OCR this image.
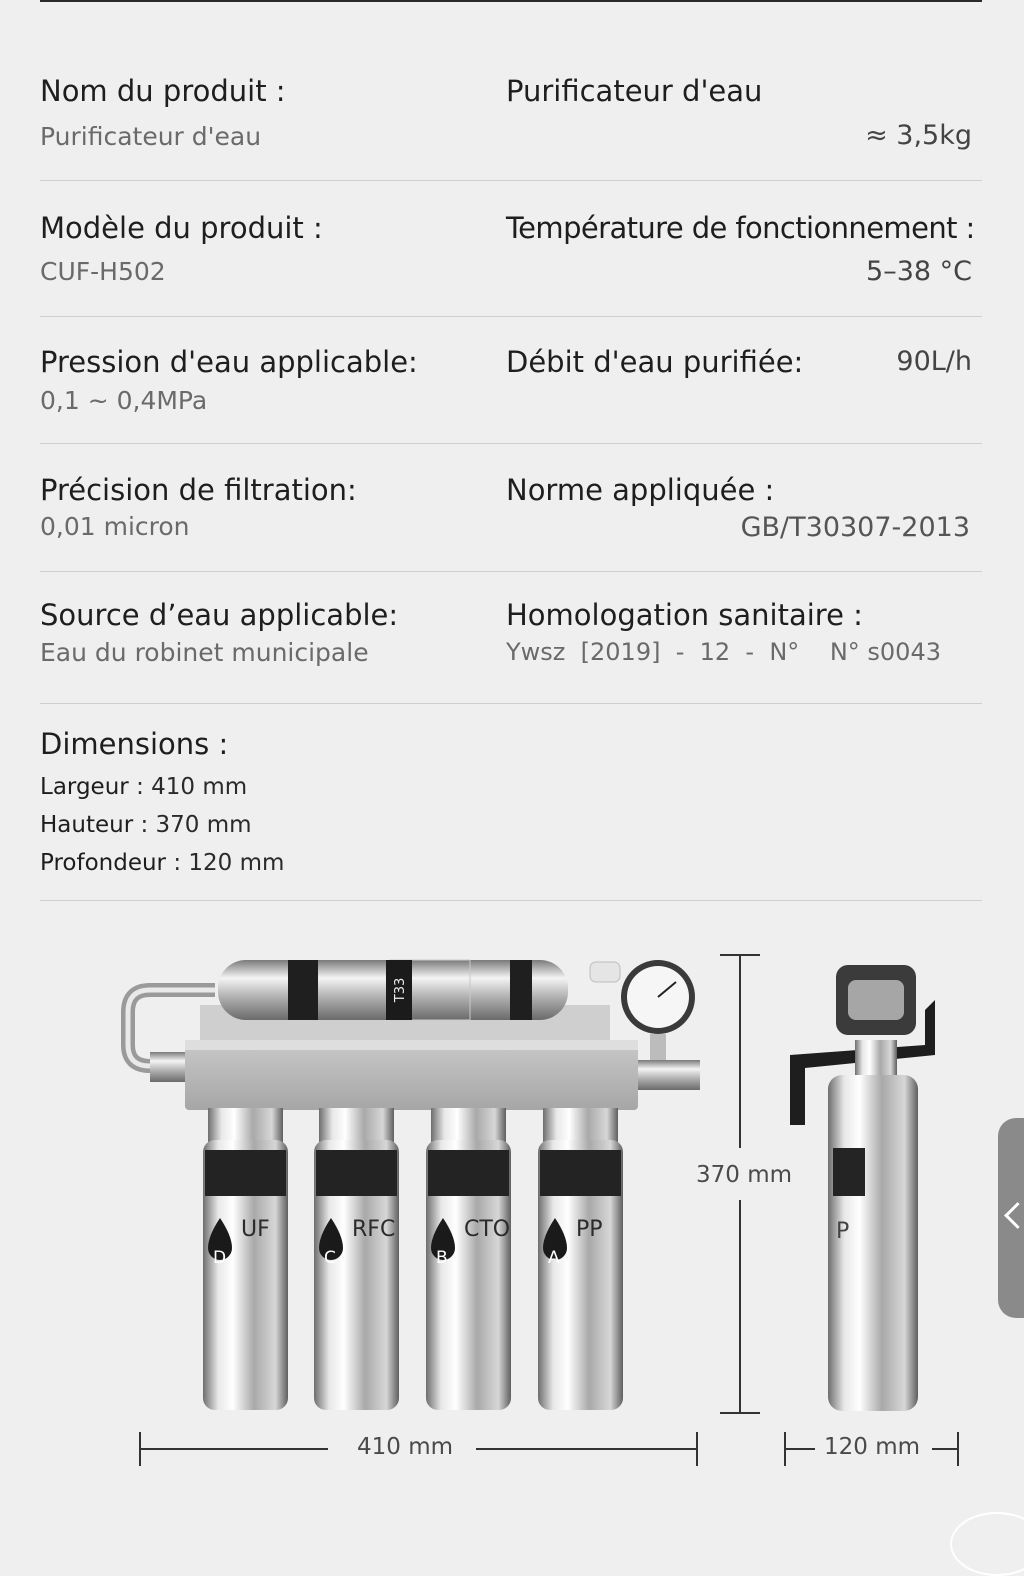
Nom du produit :
Purificateur d'eau
Purificateur d'eau
≈ 3,5kg
Modèle du produit :
CUF-H502
Température de fonctionnement :
5–38 °C
Pression d'eau applicable:
0,1 ~ 0,4MPa
Débit d'eau purifiée:	90L/h
Précision de filtration:
0,01 micron
Norme appliquée :
GB/T30307-2013
Source d’eau applicable:
Eau du robinet municipale
Homologation sanitaire :
Ywsz  [2019]  -  12  -  N°    N° s0043
Dimensions :
Largeur : 410 mm
Hauteur : 370 mm
Profondeur : 120 mm
T33
D
UF
C
RFC
B
CTO
A
PP	P
410 mm
370 mm
120 mm
